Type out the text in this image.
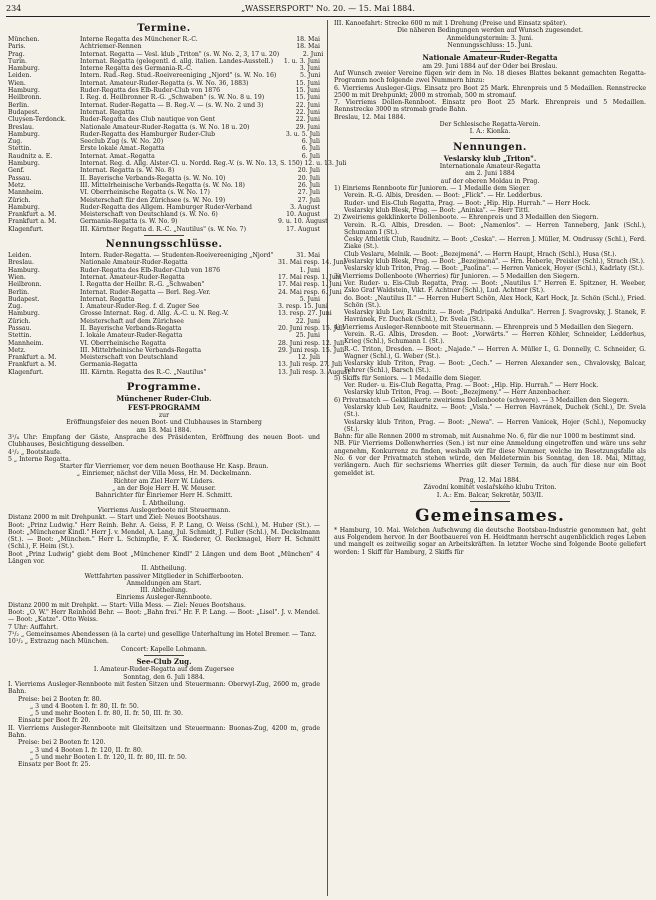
234	„WASSERSPORT" No. 20. — 15. Mai 1884.
Termine.
München.	Interne Regatta des Münchener R.-C.	18. Mai
Paris.	Achtriemer-Rennen	18. Mai
Prag.	Internat. Regatta — Vesl. klub „Triton" (s. W. No. 2, 3, 17 u. 20)	2. Juni
Turin.	Internat. Regatta (gelegentl. d. allg. italien. Landes-Ausstell.)	1. u. 3. Juni
Hamburg.	Interne Regatta des Germania-R.-C.	3. Juni
Leiden.	Intern. Rud.-Reg. Stud.-Roeivereeniging „Njord" (s. W. No. 16)	5. Juni
Wien.	Internat. Amateur-Ruder-Regatta (s. W. No. 36, 1883)	15. Juni
Hamburg.	Ruder-Regatta des Elb-Ruder-Club von 1876	15. Juni
Heilbronn.	I. Reg. d. Heilbronner R.-G. „Schwaben" (s. W. No. 8 u. 19)	15. Juni
Berlin.	Internat. Ruder-Regatta — B. Reg.-V. — (s. W. No. 2 und 3)	22. Juni
Budapest.	Internat. Regatta	22. Juni
Cluysen-Terdonck.	Ruder-Regatta des Club nautique von Gent	22. Juni
Breslau.	Nationale Amateur-Ruder-Regatta (s. W. No. 18 u. 20)	29. Juni
Hamburg.	Ruder-Regatta des Hamburger Ruder-Club	3. u. 5. Juli
Zug.	Seeclub Zug (s. W. No. 20)	6. Juli
Stettin.	Erste lokale Amat.-Regatta	6. Juli
Raudnitz a. E.	Internat. Amat.-Regatta	6. Juli
Hamburg.	Internat. Reg. d. Allg. Alster-Cl. u. Nordd. Reg.-V. (s. W. No. 13, S. 150) 12. u. 13. Juli
Genf.	Internat. Regatta (s. W. No. 8)	20. Juli
Passau.	II. Bayerische Verbands-Regatta (s. W. No. 10)	20. Juli
Metz.	III. Mittelrheinische Verbands-Regatta (s. W. No. 18)	26. Juli
Mannheim.	VI. Oberrheinische Regatta (s. W. No. 17)	27. Juli
Zürich.	Meisterschaft für den Zürichsee (s. W. No. 19)	27. Juli
Hamburg.	Ruder-Regatta des Allgem. Hamburger Ruder-Verband	3. August
Frankfurt a. M.	Meisterschaft von Deutschland (s. W. No. 6)	10. August
Frankfurt a. M.	Germania-Regatta (s. W. No. 9)	9. u. 10. August
Klagenfurt.	III. Kärntner Regatta d. R.-C. „Nautilus" (s. W. No. 7)	17. August
Nennungsschlüsse.
Leiden.	Intern. Ruder-Regatta. — Studenten-Roeivereeniging „Njord"	31. Mai
Breslau.	Nationale Amateur-Ruder-Regatta	31. Mai resp. 14. Juni
Hamburg.	Ruder-Regatta des Elb-Ruder-Club von 1876	1. Juni
Wien.	Internat. Amateur-Ruder-Regatta	17. Mai resp. 1. Juni
Heilbronn.	I. Regatta der Heilbr. R.-G. „Schwaben"	17. Mai resp. 1. Juni
Berlin.	Internat. Ruder-Regatta — Berl. Reg.-Ver.	24. Mai resp. 6. Juni
Budapest.	Internat. Regatta	5. Juni
Zug.	I. Amateur-Ruder-Reg. f. d. Zuger See	3. resp. 15. Juni
Hamburg.	Grosse Internat. Reg. d. Allg. A.-C. u. N. Reg.-V.	13. resp. 27. Juni
Zürich.	Meisterschaft auf dem Zürichsee	22. Juni
Passau.	II. Bayerische Verbands-Regatta	20. Juni resp. 15. Juli
Stettin.	I. lokale Amateur-Ruder-Regatta	25. Juni
Mannheim.	VI. Oberrheinische Regatta	28. Juni resp. 12. Juli
Metz.	III. Mittelrheinische Verbands-Regatta	29. Juni resp. 15. Juli
Frankfurt a. M.	Meisterschaft von Deutschland	12. Juli
Frankfurt a. M.	Germania-Regatta	13. Juli resp. 27. Juli
Klagenfurt.	III. Kärntn. Regatta des R.-C. „Nautilus"	13. Juli resp. 3. August
Programme.
Münchener Ruder-Club.
FEST-PROGRAMM
zur
Eröffnungsfeier des neuen Boot- und Clubhauses in Starnberg
am 18. Mai 1884.
3¹/₄ Uhr: Empfang der Gäste, Ansprache des Präsidenten, Eröffnung des neuen Boot- und Clubhauses, Besichtigung desselben.
4¹/₂ „ Bootstaufe.
5 „ Interne Regatta.
Starter für Vierriemer, vor dem neuen Boothause Hr. Kasp. Braun.
„ Einriemer, nächst der Villa Mess, Hr. M. Deckelmann.
Richter am Ziel Herr W. Lüders.
„ an der Boje Herr H. W. Meuser.
Bahnrichter für Einriemer Herr H. Schmitt.
I. Abtheilung.
Vierriems Auslegerboote mit Steuermann.
Distanz 2000 m mit Drehpunkt. — Start und Ziel: Neues Bootshaus.
Boot: „Prinz Ludwig." Herr Reinh. Behr. A. Geiss, F. P. Lang, O. Weiss (Schl.), M. Huber (St.). — Boot: „Münchener Kindl." Herr J. v. Mendel, A. Lang, Jul. Schmidt, J. Fuller (Schl.), M. Deckelmann (St.). — Boot: „München." Herr L. Schimpfle, F. X. Riederer, O. Reckmagel, Herr H. Schmitt (Schl.), F. Heim (St.).
Boot „Prinz Ludwig" giebt dem Boot „Münchener Kindl" 2 Längen und dem Boot „München" 4 Längen vor.
II. Abtheilung.
Wettfahrten passiver Mitglieder in Schifferbooten.
Anmeldungen am Start.
III. Abtheilung.
Einriems Ausleger-Rennboote.
Distanz 2000 m mit Drehpkt. — Start: Villa Mess. — Ziel: Neues Bootshaus.
Boot: „O. W." Herr Reinhold Behr. — Boot: „Bahn frei." Hr. F. P. Lang. — Boot: „Lisel". J. v. Mendel. — Boot: „Katze". Otto Weiss.
7 Uhr: Auffahrt.
7¹/₂ „ Gemeinsames Abendessen (à la carte) und gesellige Unterhaltung im Hotel Bremer. — Tanz.
10¹/₂ „ Extrazug nach München.
Concert: Kapelle Lohmann.
See-Club Zug.
I. Amateur-Ruder-Regatta auf dem Zugersee
Sonntag, den 6. Juli 1884.
I. Vierriems Ausleger-Rennboote mit festen Sitzen und Steuermann: Oberwyl-Zug, 2600 m, grade Bahn.
Preise: bei 2 Booten fr. 80.
„ 3 und 4 Booten I. fr. 80, II. fr. 50.
„ 5 und mehr Booten I. fr. 80, II. fr. 50, III. fr. 30.
Einsatz per Boot fr. 20.
II. Vierriems Ausleger-Rennboote mit Gleitsitzen und Steuermann: Buonas-Zug, 4200 m, grade Bahn.
Preise: bei 2 Booten fr. 120.
„ 3 und 4 Booten I. fr. 120, II. fr. 80.
„ 5 und mehr Booten I. fr. 120, II. fr. 80, III. fr. 50.
Einsatz per Boot fr. 25.
III. Kanoefahrt: Strecke 600 m mit 1 Drehung (Preise und Einsatz später).
Die näheren Bedingungen werden auf Wunsch zugesendet.
Anmeldungstermin: 3. Juni.
Nennungsschluss: 15. Juni.
Nationale Amateur-Ruder-Regatta
am 29. Juni 1884 auf der Oder bei Breslau.
Auf Wunsch zweier Vereine fügen wir dem in No. 18 dieses Blattes bekannt gemachten Regatta-Programm noch folgende zwei Nummern hinzu:
6. Vierriems Ausleger-Gigs. Einsatz pro Boot 25 Mark. Ehrenpreis und 5 Medaillen. Rennstrecke 2500 m mit Drehpunkt; 2000 m stromab, 500 m stromauf.
7. Vierriems Dollen-Rennboot. Einsatz pro Boot 25 Mark. Ehrenpreis und 5 Medaillen. Rennstrecke 3000 m stromab grade Bahn.
Breslau, 12. Mai 1884.
Der Schlesische Regatta-Verein.
I. A.: Kionka.
Nennungen.
Veslarsky klub „Triton".
Internationale Amateur-Regatta
am 2. Juni 1884
auf der oberen Moldau in Prag.
1) Einriems Rennboote für Junioren. — 1 Medaille dem Sieger.
Verein. R.-G. Albis, Dresden. — Boot: „Flick". — Hr. Ledderbus.
Ruder- und Eis-Club Regatta, Prag. — Boot: „Hip. Hip. Hurrah." — Herr Hock.
Veslarsky klub Blesk, Prag. — Boot: „Aninka". — Herr Tittl.
2) Zweiriems gekklinkerte Dollenboote. — Ehrenpreis und 3 Medaillen den Siegern.
Verein. R.-G. Albis, Dresden. — Boot: „Namenlos". — Herren Tanneberg, Jank (Schl.), Schumann I (St.).
Česky Athletik Club, Raudnitz. — Boot: „Ceska". — Herren J. Müller, M. Ondrussy (Schl.), Ferd. Ziake (St.).
Club Veslaru, Melnik. — Boot: „Bezejmená". — Herrn Haupt, Hrach (Schl.), Husa (St.).
Veslarsky klub Blesk, Prag. — Boot: „Bezejmená". — Hrn. Heberle, Preisler (Schl.), Strach (St.).
Veslarsky klub Triton, Prag. — Boot: „Paolina". — Herren Vanicek, Hoyer (Schl.), Kadrlaty (St.).
3) Vierriems Dollenboote (Wherries) für Junioren. — 5 Medaillen den Siegern.
Ver. Ruder- u. Eis-Club Regatta, Prag. — Boot: „Nautilus I." Herren E. Spitzner, H. Weeber, Zsko Graf Waldstein, Vikt. F. Achtner (Schl.), Lud. Achtner (St.).
do. Boot: „Nautilus II." — Herren Hubert Schön, Alex Hock, Karl Hock, Jz. Schön (Schl.), Fried. Schön (St.).
Veslarsky klub Lev, Raudnitz. — Boot: „Padripaká Andulka". Herren J. Svagrovsky, J. Stanek, F. Havránek, Fr. Duchek (Schl.), Dr. Svela (St.).
4) Vierriems Ausleger-Rennboote mit Steuermann. — Ehrenpreis und 5 Medaillen den Siegern.
Verein. R.-G. Albis, Dresden. — Boot: „Vorwärts." — Herren Köhler, Schneider, Ledderhus, Krieg (Schl.), Schumann I. (St.).
R.-C. Triton, Dresden. — Boot: „Najade." — Herren A. Müller I., G. Donnelly, C. Schneider, G. Wagner (Schl.), G. Weber (St.).
Veslarsky klub Triton, Prag. — Boot: „Cech." — Herren Alexander sen., Chvalovsky, Balcar, Fehrer (Schl.), Barsch (St.).
5) Skiffs für Seniors. — 1 Medaille dem Sieger.
Ver. Ruder- u. Eis-Club Regatta, Prag. — Boot: „Hip. Hip. Hurrah." — Herr Hock.
Veslarsky klub Triton, Prag. — Boot: „Bezejmeny." — Herr Anzenbacher.
6) Privatmatch — Gekklinkerte zweiriems Dollenboote (schwere). — 3 Medaillen den Siegern.
Veslarsky klub Lev, Raudnitz. — Boot: „Visla." — Herren Havránek, Duchek (Schl.), Dr. Svela (St.).
Veslarsky klub Triton, Prag. — Boot: „Newa". — Herren Vanicek, Hojer (Schl.), Nepomucky (St.).
Bahn: für alle Rennen 2000 m stromab, mit Ausnahme No. 6, für die nur 1000 m bestimmt sind.
NB. Für Vierriems Dollenwherries (Sen.) ist nur eine Anmeldung eingetroffen und wäre uns sehr angenehm, Konkurrenz zu finden, weshalb wir für diese Nummer, welche im Besetzungsfalle als No. 6 vor der Privatmatch stehen würde, den Meldetermin bis Sonntag, den 18. Mai, Mittag, verlängern. Auch für sechsriems Wherries gilt dieser Termin, da auch für diese nur ein Boot gemeldet ist.
Prag, 12. Mai 1884.
Závodní komitét veslařského klubu Triton.
I. A.: Em. Balcar, Sekretär, 503/II.
Gemeinsames.
* Hamburg, 10. Mai. Welchen Aufschwung die deutsche Bootsbau-Industrie genommen hat, geht aus Folgendem hervor. In der Bootbauerei von H. Heidtmann herrscht augenblicklich reges Leben und mangelt es zeitweilig sogar an Arbeitskräften. In letzter Woche sind folgende Boote geliefert worden: 1 Skiff für Hamburg, 2 Skiffs für
